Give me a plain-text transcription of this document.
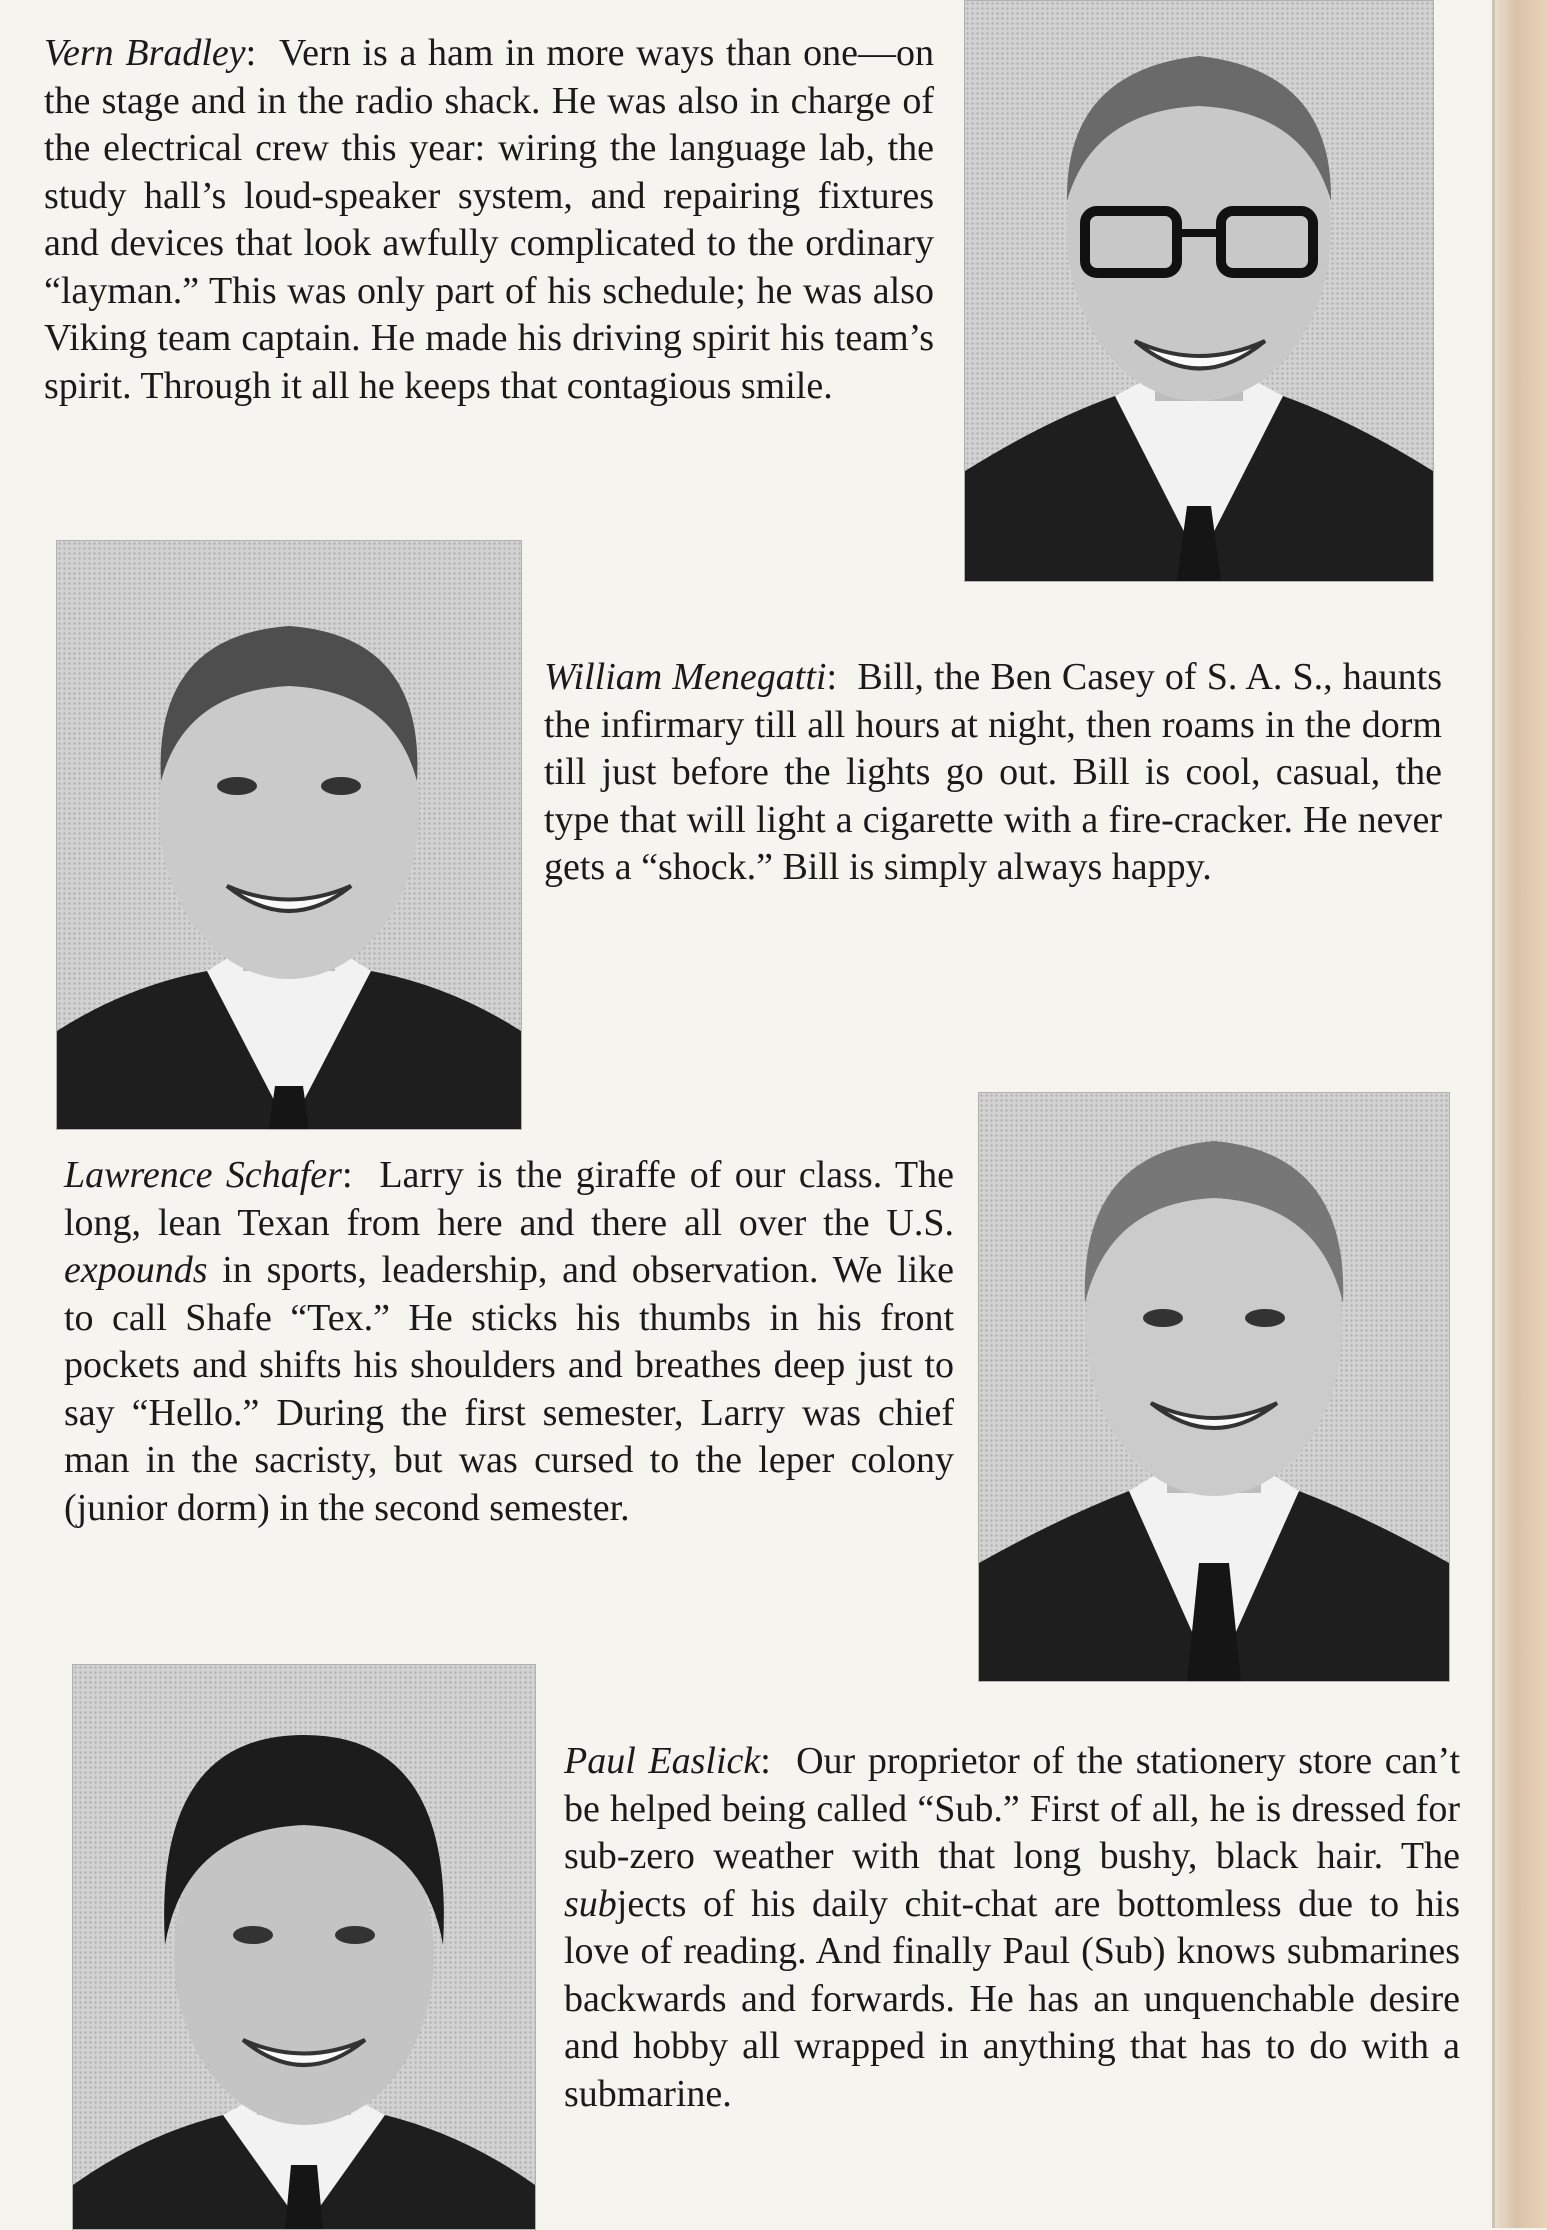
Vern Bradley:  Vern is a ham in more ways than one—on the stage and in the radio shack. He was also in charge of the electrical crew this year: wiring the language lab, the study hall’s loud-speaker system, and repairing fixtures and devices that look awfully complicated to the ordinary “layman.” This was only part of his schedule; he was also Viking team captain. He made his driving spirit his team’s spirit. Through it all he keeps that contagious smile.
William Menegatti:  Bill, the Ben Casey of S. A. S., haunts the infirmary till all hours at night, then roams in the dorm till just before the lights go out. Bill is cool, casual, the type that will light a cigarette with a fire-cracker. He never gets a “shock.” Bill is simply always happy.
Lawrence Schafer:  Larry is the giraffe of our class. The long, lean Texan from here and there all over the U.S. expounds in sports, leadership, and observation. We like to call Shafe “Tex.” He sticks his thumbs in his front pockets and shifts his shoulders and breathes deep just to say “Hello.” During the first semester, Larry was chief man in the sacristy, but was cursed to the leper colony (junior dorm) in the second semester.
Paul Easlick:  Our proprietor of the stationery store can’t be helped being called “Sub.” First of all, he is dressed for sub-zero weather with that long bushy, black hair. The subjects of his daily chit-chat are bottomless due to his love of reading. And finally Paul (Sub) knows submarines backwards and forwards. He has an unquenchable desire and hobby all wrapped in anything that has to do with a submarine.
